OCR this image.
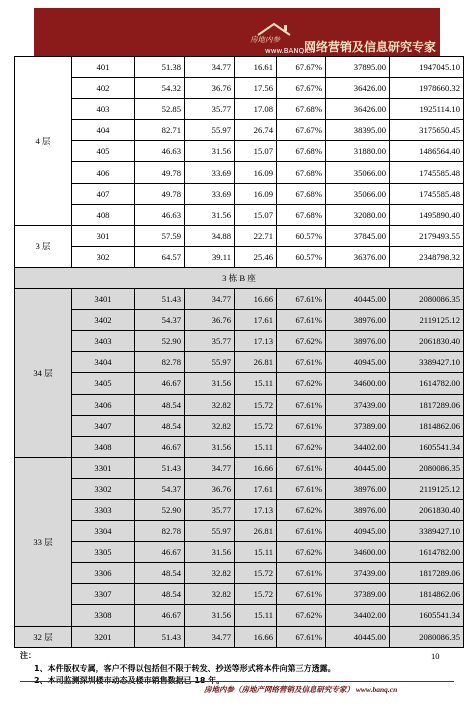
房地内参
www.BANQ.cn
网络营销及信息研究专家
4 层	401	51.38	34.77	16.61	67.67%	37895.00	1947045.10
	402	54.32	36.76	17.56	67.67%	36426.00	1978660.32
	403	52.85	35.77	17.08	67.68%	36426.00	1925114.10
	404	82.71	55.97	26.74	67.67%	38395.00	3175650.45
	405	46.63	31.56	15.07	67.68%	31880.00	1486564.40
	406	49.78	33.69	16.09	67.68%	35066.00	1745585.48
	407	49.78	33.69	16.09	67.68%	35066.00	1745585.48
	408	46.63	31.56	15.07	67.68%	32080.00	1495890.40
3 层	301	57.59	34.88	22.71	60.57%	37845.00	2179493.55
	302	64.57	39.11	25.46	60.57%	36376.00	2348798.32
3 栋 B 座							
34 层	3401	51.43	34.77	16.66	67.61%	40445.00	2080086.35
	3402	54.37	36.76	17.61	67.61%	38976.00	2119125.12
	3403	52.90	35.77	17.13	67.62%	38976.00	2061830.40
	3404	82.78	55.97	26.81	67.61%	40945.00	3389427.10
	3405	46.67	31.56	15.11	67.62%	34600.00	1614782.00
	3406	48.54	32.82	15.72	67.61%	37439.00	1817289.06
	3407	48.54	32.82	15.72	67.61%	37389.00	1814862.06
	3408	46.67	31.56	15.11	67.62%	34402.00	1605541.34
33 层	3301	51.43	34.77	16.66	67.61%	40445.00	2080086.35
	3302	54.37	36.76	17.61	67.61%	38976.00	2119125.12
	3303	52.90	35.77	17.13	67.62%	38976.00	2061830.40
	3304	82.78	55.97	26.81	67.61%	40945.00	3389427.10
	3305	46.67	31.56	15.11	67.62%	34600.00	1614782.00
	3306	48.54	32.82	15.72	67.61%	37439.00	1817289.06
	3307	48.54	32.82	15.72	67.61%	37389.00	1814862.06
	3308	46.67	31.56	15.11	67.62%	34402.00	1605541.34
32 层	3201	51.43	34.77	16.66	67.61%	40445.00	2080086.35
注：
1、本件版权专属，客户不得以包括但不限于转发、抄送等形式将本件向第三方透露。
10
房地内参（房地产网络营销及信息研究专家） www.banq.cn
